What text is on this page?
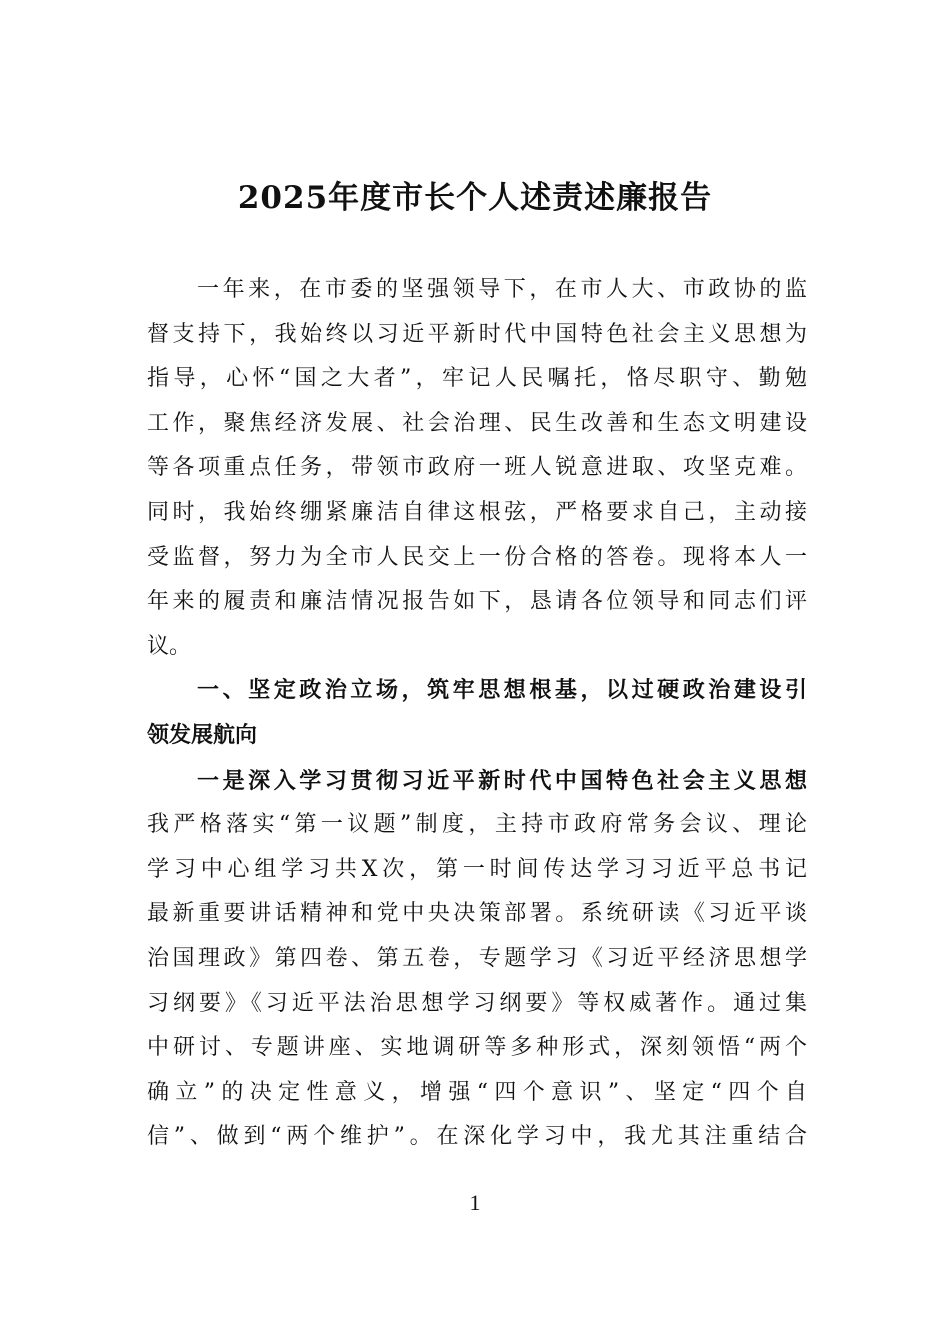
2025年度市长个人述责述廉报告
一年来，在市委的坚强领导下，在市人大、市政协的监
督支持下，我始终以习近平新时代中国特色社会主义思想为
指导，心怀“国之大者”，牢记人民嘱托，恪尽职守、勤勉
工作，聚焦经济发展、社会治理、民生改善和生态文明建设
等各项重点任务，带领市政府一班人锐意进取、攻坚克难。
同时，我始终绷紧廉洁自律这根弦，严格要求自己，主动接
受监督，努力为全市人民交上一份合格的答卷。现将本人一
年来的履责和廉洁情况报告如下，恳请各位领导和同志们评
议。
一、坚定政治立场，筑牢思想根基，以过硬政治建设引
领发展航向
一是深入学习贯彻习近平新时代中国特色社会主义思想
我严格落实“第一议题”制度，主持市政府常务会议、理论
学习中心组学习共X次，第一时间传达学习习近平总书记
最新重要讲话精神和党中央决策部署。系统研读《习近平谈
治国理政》第四卷、第五卷，专题学习《习近平经济思想学
习纲要》《习近平法治思想学习纲要》等权威著作。通过集
中研讨、专题讲座、实地调研等多种形式，深刻领悟“两个
确立”的决定性意义，增强“四个意识”、坚定“四个自
信”、做到“两个维护”。在深化学习中，我尤其注重结合
1
